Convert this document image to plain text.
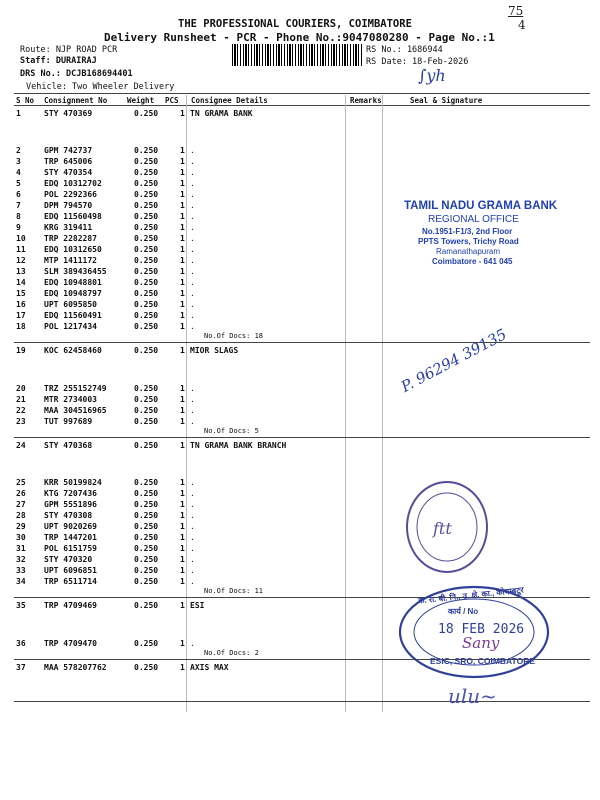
75
4
THE PROFESSIONAL COURIERS, COIMBATORE
Delivery Runsheet - PCR - Phone No.:9047080280 - Page No.:1
Route: NJP ROAD PCR
Staff: DURAIRAJ
DRS No.: DCJB168694401
Vehicle: Two Wheeler Delivery
RS No.: 1686944
RS Date: 18-Feb-2026
∫yh
S No Consignment No	Weight PCS Consignee Details	Remarks	Seal & Signature
1	STY 470369	0.250	1 TN GRAMA BANK
2	GPM 742737	0.250	1 .
3	TRP 645006	0.250	1 .
4	STY 470354	0.250	1 .
5	EDQ 10312702	0.250	1 .
6	POL 2292366	0.250	1 .
7	DPM 794570	0.250	1 .
8	EDQ 11560498	0.250	1 .
9	KRG 319411	0.250	1 .
10 TRP 2282287	0.250	1 .
11 EDQ 10312650	0.250	1 .
12 MTP 1411172	0.250	1 .
13 SLM 389436455	0.250	1 .
14 EDQ 10948801	0.250	1 .
15 EDQ 10948797	0.250	1 .
16 UPT 6095850	0.250	1 .
17 EDQ 11560491	0.250	1 .
18 POL 1217434	0.250	1 .
No.Of Docs: 18
19 KOC 62458460	0.250	1 MIOR SLAGS
20 TRZ 255152749	0.250	1 .
21 MTR 2734003	0.250	1 .
22 MAA 304516965	0.250	1 .
23 TUT 997689	0.250	1 .
No.Of Docs: 5
24 STY 470368	0.250	1 TN GRAMA BANK BRANCH
25 KRR 50199824	0.250	1 .
26 KTG 7207436	0.250	1 .
27 GPM 5551896	0.250	1 .
28 STY 470308	0.250	1 .
29 UPT 9020269	0.250	1 .
30 TRP 1447201	0.250	1 .
31 POL 6151759	0.250	1 .
32 STY 470320	0.250	1 .
33 UPT 6096851	0.250	1 .
34 TRP 6511714	0.250	1 .
No.Of Docs: 11
35 TRP 4709469	0.250	1 ESI
36 TRP 4709470	0.250	1 .
No.Of Docs: 2
37 MAA 578207762	0.250	1 AXIS MAX
TAMIL NADU GRAMA BANK
REGIONAL OFFICE
No.1951-F1/3, 2nd Floor
PPTS Towers, Trichy Road
Ramanathapuram
Coimbatore - 641 045
P. 96294 39135
ftt
क. रा. बी. नि., उ. क्षे. का., कोयम्बटूर
कार्य / No
18 FEB 2026
ESIC, SRO, COIMBATORE
Sany
ulu~
